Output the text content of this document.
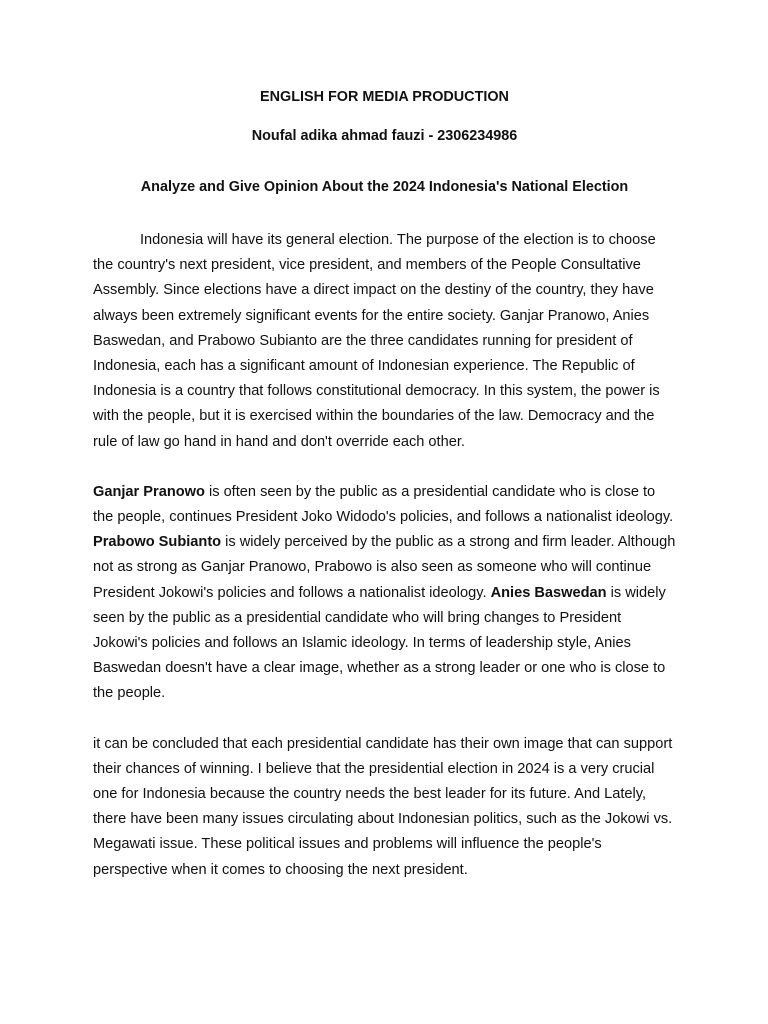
ENGLISH FOR MEDIA PRODUCTION

Noufal adika ahmad fauzi - 2306234986

Analyze and Give Opinion About the 2024 Indonesia's National Election

Indonesia will have its general election. The purpose of the election is to choose the country's next president, vice president, and members of the People Consultative Assembly. Since elections have a direct impact on the destiny of the country, they have always been extremely significant events for the entire society. Ganjar Pranowo, Anies Baswedan, and Prabowo Subianto are the three candidates running for president of Indonesia, each has a significant amount of Indonesian experience. The Republic of Indonesia is a country that follows constitutional democracy. In this system, the power is with the people, but it is exercised within the boundaries of the law. Democracy and the rule of law go hand in hand and don't override each other.

Ganjar Pranowo is often seen by the public as a presidential candidate who is close to the people, continues President Joko Widodo's policies, and follows a nationalist ideology. Prabowo Subianto is widely perceived by the public as a strong and firm leader. Although not as strong as Ganjar Pranowo, Prabowo is also seen as someone who will continue President Jokowi's policies and follows a nationalist ideology. Anies Baswedan is widely seen by the public as a presidential candidate who will bring changes to President Jokowi's policies and follows an Islamic ideology. In terms of leadership style, Anies Baswedan doesn't have a clear image, whether as a strong leader or one who is close to the people.

it can be concluded that each presidential candidate has their own image that can support their chances of winning. I believe that the presidential election in 2024 is a very crucial one for Indonesia because the country needs the best leader for its future. And Lately, there have been many issues circulating about Indonesian politics, such as the Jokowi vs. Megawati issue. These political issues and problems will influence the people's perspective when it comes to choosing the next president.
